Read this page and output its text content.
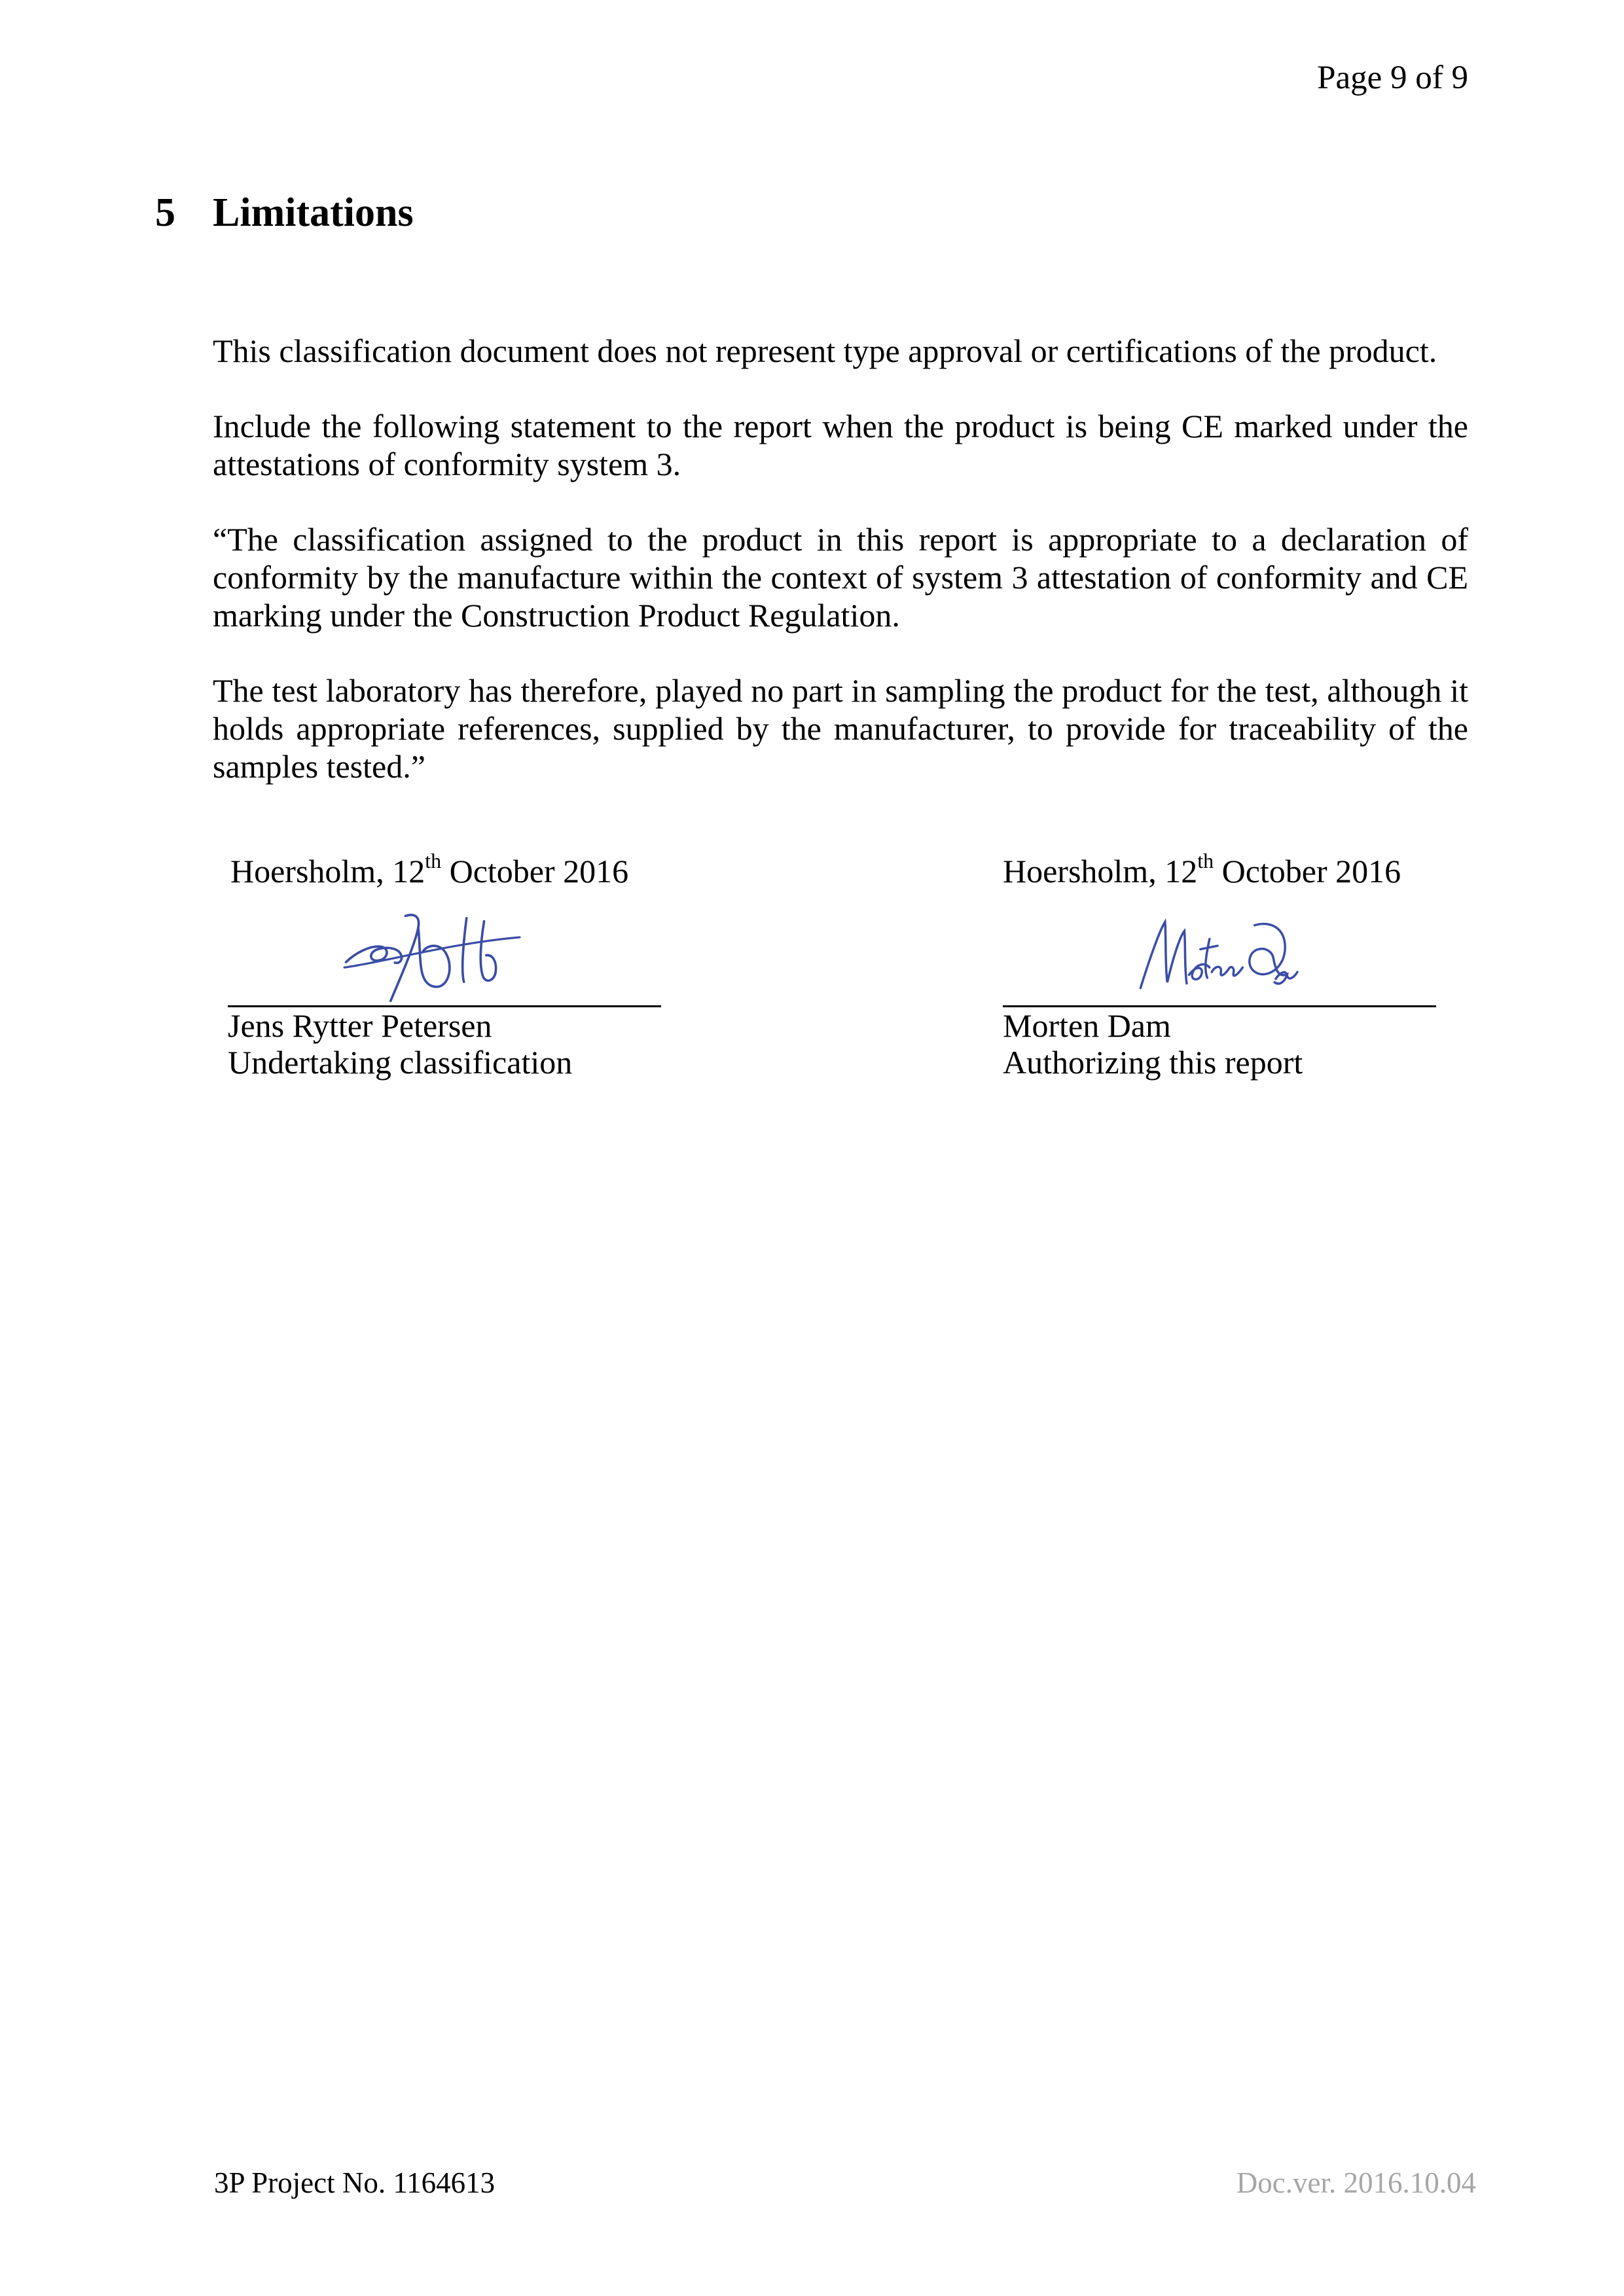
Page 9 of 9
5 Limitations

This classification document does not represent type approval or certifications of the product.

Include the following statement to the report when the product is being CE marked under the attestations of conformity system 3.

“The classification assigned to the product in this report is appropriate to a declaration of conformity by the manufacture within the context of system 3 attestation of conformity and CE marking under the Construction Product Regulation.

The test laboratory has therefore, played no part in sampling the product for the test, although it holds appropriate references, supplied by the manufacturer, to provide for traceability of the samples tested.”

Hoersholm, 12th October 2016
Jens Rytter Petersen
Undertaking classification
Hoersholm, 12th October 2016
Morten Dam
Authorizing this report
3P Project No. 1164613	Doc.ver. 2016.10.04
